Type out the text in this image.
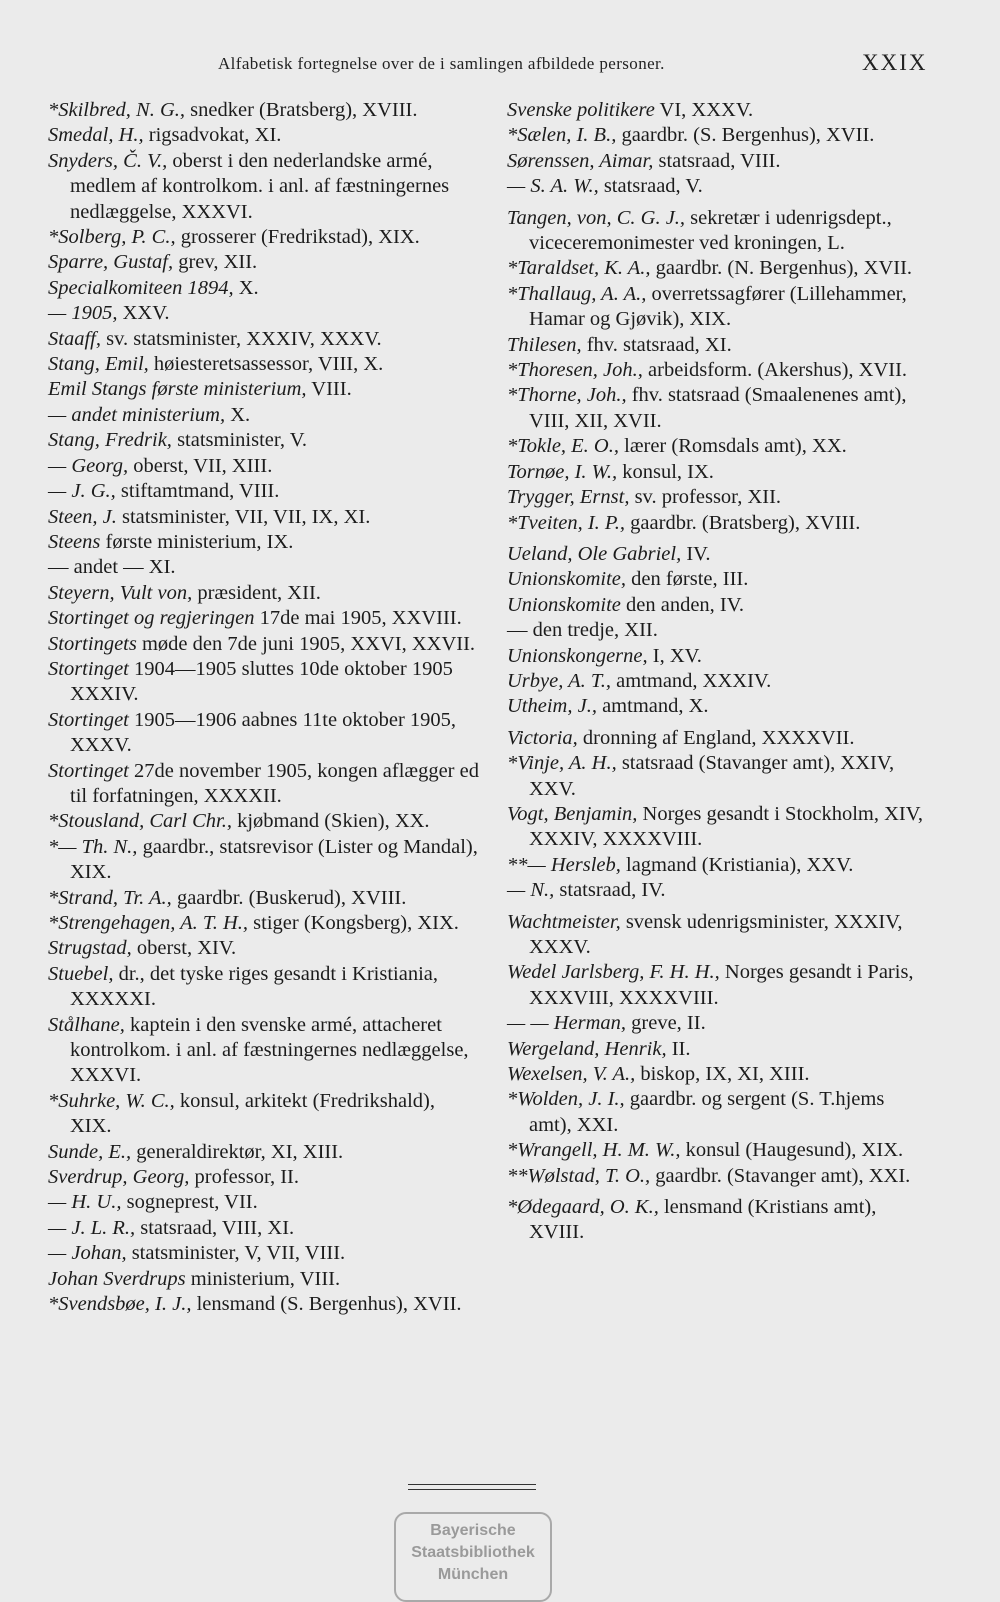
Alfabetisk fortegnelse over de i samlingen afbildede personer.	XXIX
*Skilbred, N. G., snedker (Bratsberg), XVIII.
Smedal, H., rigsadvokat, XI.
Snyders, Č. V., oberst i den nederlandske armé, medlem af kontrolkom. i anl. af fæstningernes nedlæggelse, XXXVI.
*Solberg, P. C., grosserer (Fredrikstad), XIX.
Sparre, Gustaf, grev, XII.
Specialkomiteen 1894, X.
— 1905, XXV.
Staaff, sv. statsminister, XXXIV, XXXV.
Stang, Emil, høiesteretsassessor, VIII, X.
Emil Stangs første ministerium, VIII.
— andet ministerium, X.
Stang, Fredrik, statsminister, V.
— Georg, oberst, VII, XIII.
— J. G., stiftamtmand, VIII.
Steen, J. statsminister, VII, VII, IX, XI.
Steens første ministerium, IX.
— andet — XI.
Steyern, Vult von, præsident, XII.
Stortinget og regjeringen 17de mai 1905, XXVIII.
Stortingets møde den 7de juni 1905, XXVI, XXVII.
Stortinget 1904—1905 sluttes 10de oktober 1905 XXXIV.
Stortinget 1905—1906 aabnes 11te oktober 1905, XXXV.
Stortinget 27de november 1905, kongen aflægger ed til forfatningen, XXXXII.
*Stousland, Carl Chr., kjøbmand (Skien), XX.
*— Th. N., gaardbr., statsrevisor (Lister og Mandal), XIX.
*Strand, Tr. A., gaardbr. (Buskerud), XVIII.
*Strengehagen, A. T. H., stiger (Kongsberg), XIX.
Strugstad, oberst, XIV.
Stuebel, dr., det tyske riges gesandt i Kristiania, XXXXXI.
Stålhane, kaptein i den svenske armé, attacheret kontrolkom. i anl. af fæstningernes nedlæggelse, XXXVI.
*Suhrke, W. C., konsul, arkitekt (Fredrikshald), XIX.
Sunde, E., generaldirektør, XI, XIII.
Sverdrup, Georg, professor, II.
— H. U., sogneprest, VII.
— J. L. R., statsraad, VIII, XI.
— Johan, statsminister, V, VII, VIII.
Johan Sverdrups ministerium, VIII.
*Svendsbøe, I. J., lensmand (S. Bergenhus), XVII.
Svenske politikere VI, XXXV.
*Sælen, I. B., gaardbr. (S. Bergenhus), XVII.
Sørenssen, Aimar, statsraad, VIII.
— S. A. W., statsraad, V.
Tangen, von, C. G. J., sekretær i udenrigsdept., viceceremonimester ved kroningen, L.
*Taraldset, K. A., gaardbr. (N. Bergenhus), XVII.
*Thallaug, A. A., overretssagfører (Lillehammer, Hamar og Gjøvik), XIX.
Thilesen, fhv. statsraad, XI.
*Thoresen, Joh., arbeidsform. (Akershus), XVII.
*Thorne, Joh., fhv. statsraad (Smaalenenes amt), VIII, XII, XVII.
*Tokle, E. O., lærer (Romsdals amt), XX.
Tornøe, I. W., konsul, IX.
Trygger, Ernst, sv. professor, XII.
*Tveiten, I. P., gaardbr. (Bratsberg), XVIII.
Ueland, Ole Gabriel, IV.
Unionskomite, den første, III.
Unionskomite den anden, IV.
— den tredje, XII.
Unionskongerne, I, XV.
Urbye, A. T., amtmand, XXXIV.
Utheim, J., amtmand, X.
Victoria, dronning af England, XXXXVII.
*Vinje, A. H., statsraad (Stavanger amt), XXIV, XXV.
Vogt, Benjamin, Norges gesandt i Stockholm, XIV, XXXIV, XXXXVIII.
**— Hersleb, lagmand (Kristiania), XXV.
— N., statsraad, IV.
Wachtmeister, svensk udenrigsminister, XXXIV, XXXV.
Wedel Jarlsberg, F. H. H., Norges gesandt i Paris, XXXVIII, XXXXVIII.
— — Herman, greve, II.
Wergeland, Henrik, II.
Wexelsen, V. A., biskop, IX, XI, XIII.
*Wolden, J. I., gaardbr. og sergent (S. T.hjems amt), XXI.
*Wrangell, H. M. W., konsul (Haugesund), XIX.
**Wølstad, T. O., gaardbr. (Stavanger amt), XXI.
*Ødegaard, O. K., lensmand (Kristians amt), XVIII.
Bayerische
Staatsbibliothek
München
